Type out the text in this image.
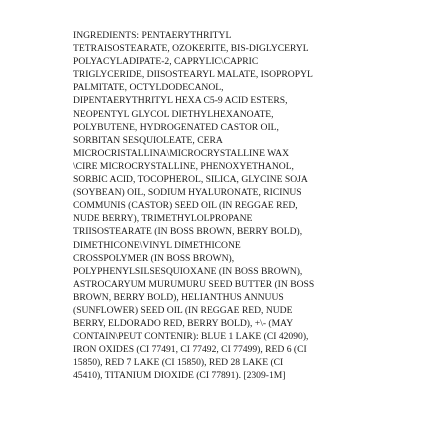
INGREDIENTS: PENTAERYTHRITYL
TETRAISOSTEARATE, OZOKERITE, BIS-DIGLYCERYL
POLYACYLADIPATE-2, CAPRYLIC\CAPRIC
TRIGLYCERIDE, DIISOSTEARYL MALATE, ISOPROPYL
PALMITATE, OCTYLDODECANOL,
DIPENTAERYTHRITYL HEXA C5-9 ACID ESTERS,
NEOPENTYL GLYCOL DIETHYLHEXANOATE,
POLYBUTENE, HYDROGENATED CASTOR OIL,
SORBITAN SESQUIOLEATE, CERA
MICROCRISTALLINA\MICROCRYSTALLINE WAX
\CIRE MICROCRYSTALLINE, PHENOXYETHANOL,
SORBIC ACID, TOCOPHEROL, SILICA, GLYCINE SOJA
(SOYBEAN) OIL, SODIUM HYALURONATE, RICINUS
COMMUNIS (CASTOR) SEED OIL (IN REGGAE RED,
NUDE BERRY), TRIMETHYLOLPROPANE
TRIISOSTEARATE (IN BOSS BROWN, BERRY BOLD),
DIMETHICONE\VINYL DIMETHICONE
CROSSPOLYMER (IN BOSS BROWN),
POLYPHENYLSILSESQUIOXANE (IN BOSS BROWN),
ASTROCARYUM MURUMURU SEED BUTTER (IN BOSS
BROWN, BERRY BOLD), HELIANTHUS ANNUUS
(SUNFLOWER) SEED OIL (IN REGGAE RED, NUDE
BERRY, ELDORADO RED, BERRY BOLD), +\- (MAY
CONTAIN\PEUT CONTENIR): BLUE 1 LAKE (CI 42090),
IRON OXIDES (CI 77491, CI 77492, CI 77499), RED 6 (CI
15850), RED 7 LAKE (CI 15850), RED 28 LAKE (CI
45410), TITANIUM DIOXIDE (CI 77891). [2309-1M]
